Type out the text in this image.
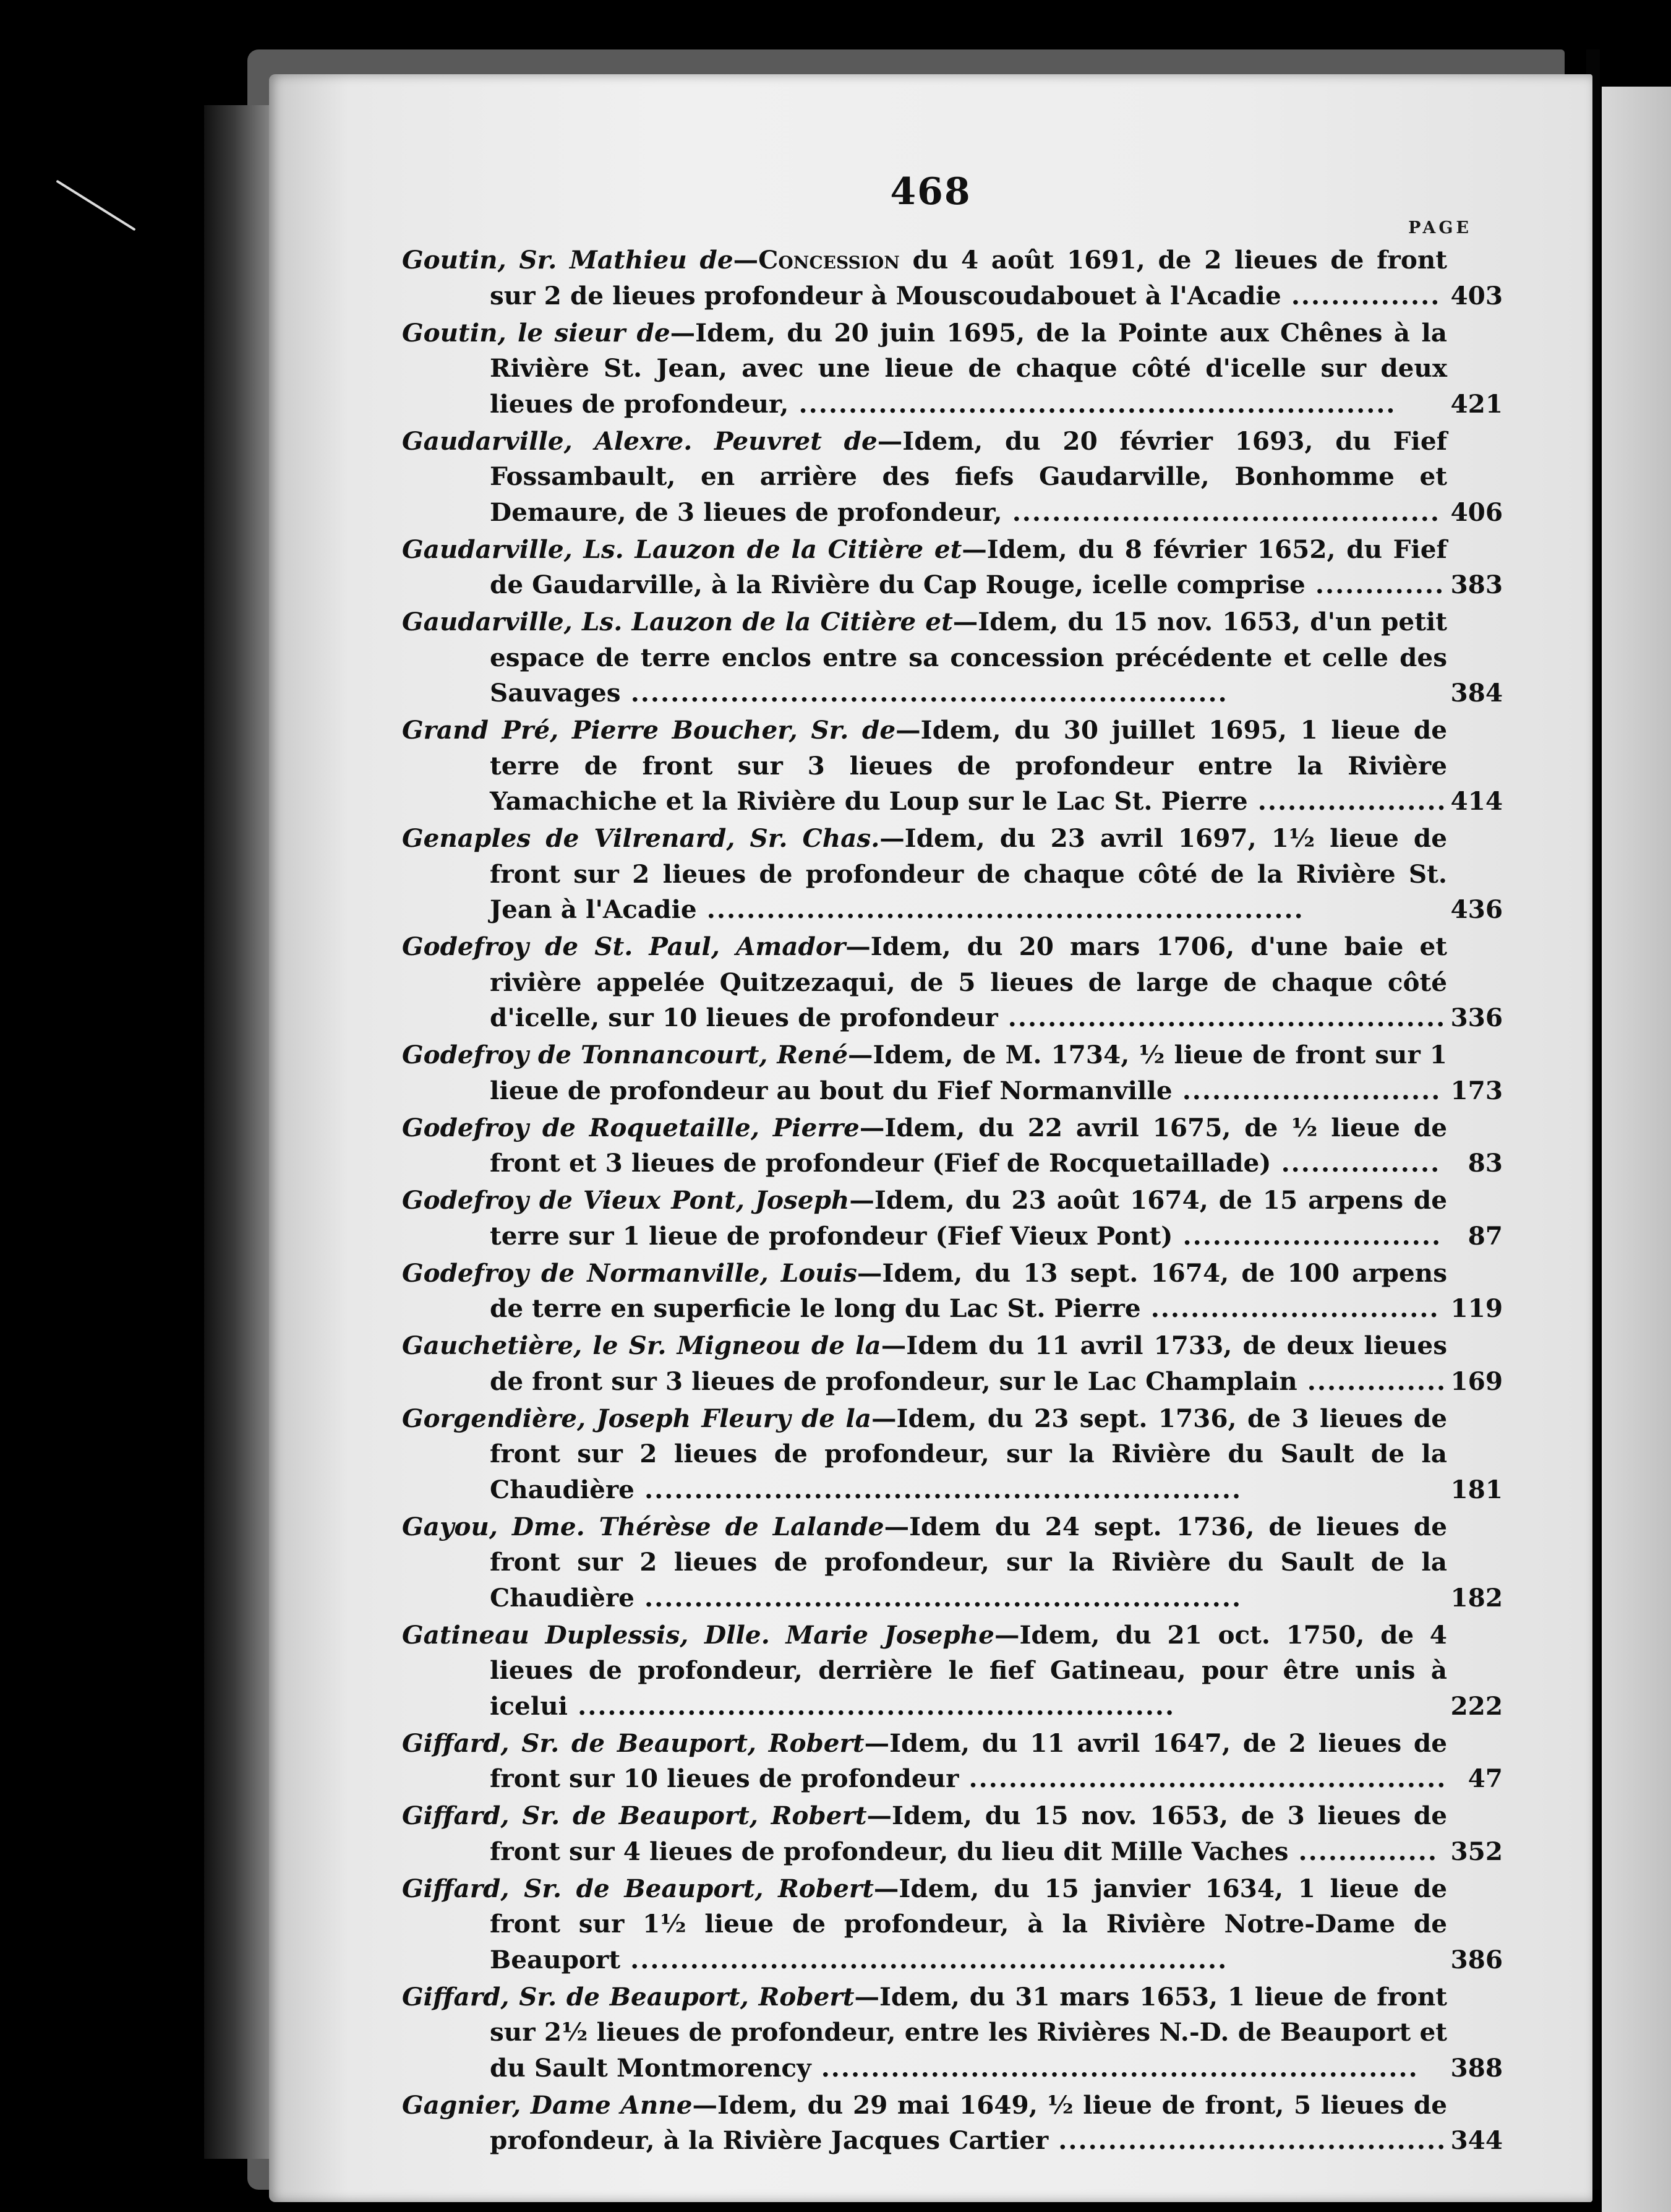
468
PAGE
Goutin, Sr. Mathieu de—Concession du 4 août 1691, de 2 lieues de front sur 2 de lieues profondeur à Mouscoudabouet à l'Acadie ............... 403
Goutin, le sieur de—Idem, du 20 juin 1695, de la Pointe aux Chênes à la Rivière St. Jean, avec une lieue de chaque côté d'icelle sur deux lieues de profondeur, ............................................................ 421
Gaudarville, Alexre. Peuvret de—Idem, du 20 février 1693, du Fief Fossambault, en arrière des fiefs Gaudarville, Bonhomme et Demaure, de 3 lieues de profondeur, ........................................... 406
Gaudarville, Ls. Lauzon de la Citière et—Idem, du 8 février 1652, du Fief de Gaudarville, à la Rivière du Cap Rouge, icelle comprise ............. 383
Gaudarville, Ls. Lauzon de la Citière et—Idem, du 15 nov. 1653, d'un petit espace de terre enclos entre sa concession précédente et celle des Sauvages ............................................................	384
Grand Pré, Pierre Boucher, Sr. de—Idem, du 30 juillet 1695, 1 lieue de terre de front sur 3 lieues de profondeur entre la Rivière Yamachiche et la Rivière du Loup sur le Lac St. Pierre ................... 414
Genaples de Vilrenard, Sr. Chas.—Idem, du 23 avril 1697, 1½ lieue de front sur 2 lieues de profondeur de chaque côté de la Rivière St. Jean à l'Acadie ............................................................	436
Godefroy de St. Paul, Amador—Idem, du 20 mars 1706, d'une baie et rivière appelée Quitzezaqui, de 5 lieues de large de chaque côté d'icelle, sur 10 lieues de profondeur ............................................ 336
Godefroy de Tonnancourt, René—Idem, de M. 1734, ½ lieue de front sur 1 lieue de profondeur au bout du Fief Normanville .......................... 173
Godefroy de Roquetaille, Pierre—Idem, du 22 avril 1675, de ½ lieue de front et 3 lieues de profondeur (Fief de Rocquetaillade) ................ 83
Godefroy de Vieux Pont, Joseph—Idem, du 23 août 1674, de 15 arpens de terre sur 1 lieue de profondeur (Fief Vieux Pont) .......................... 87
Godefroy de Normanville, Louis—Idem, du 13 sept. 1674, de 100 arpens de terre en superficie le long du Lac St. Pierre ............................. 119
Gauchetière, le Sr. Migneou de la—Idem du 11 avril 1733, de deux lieues de front sur 3 lieues de profondeur, sur le Lac Champlain .............. 169
Gorgendière, Joseph Fleury de la—Idem, du 23 sept. 1736, de 3 lieues de front sur 2 lieues de profondeur, sur la Rivière du Sault de la Chaudière ............................................................	181
Gayou, Dme. Thérèse de Lalande—Idem du 24 sept. 1736, de lieues de front sur 2 lieues de profondeur, sur la Rivière du Sault de la Chaudière ............................................................	182
Gatineau Duplessis, Dlle. Marie Josephe—Idem, du 21 oct. 1750, de 4 lieues de profondeur, derrière le fief Gatineau, pour être unis à icelui ............................................................	222
Giffard, Sr. de Beauport, Robert—Idem, du 11 avril 1647, de 2 lieues de front sur 10 lieues de profondeur ................................................ 47
Giffard, Sr. de Beauport, Robert—Idem, du 15 nov. 1653, de 3 lieues de front sur 4 lieues de profondeur, du lieu dit Mille Vaches .............. 352
Giffard, Sr. de Beauport, Robert—Idem, du 15 janvier 1634, 1 lieue de front sur 1½ lieue de profondeur, à la Rivière Notre-Dame de Beauport ............................................................	386
Giffard, Sr. de Beauport, Robert—Idem, du 31 mars 1653, 1 lieue de front sur 2½ lieues de profondeur, entre les Rivières N.-D. de Beauport et du Sault Montmorency ............................................................ 388
Gagnier, Dame Anne—Idem, du 29 mai 1649, ½ lieue de front, 5 lieues de profondeur, à la Rivière Jacques Cartier ....................................... 344
